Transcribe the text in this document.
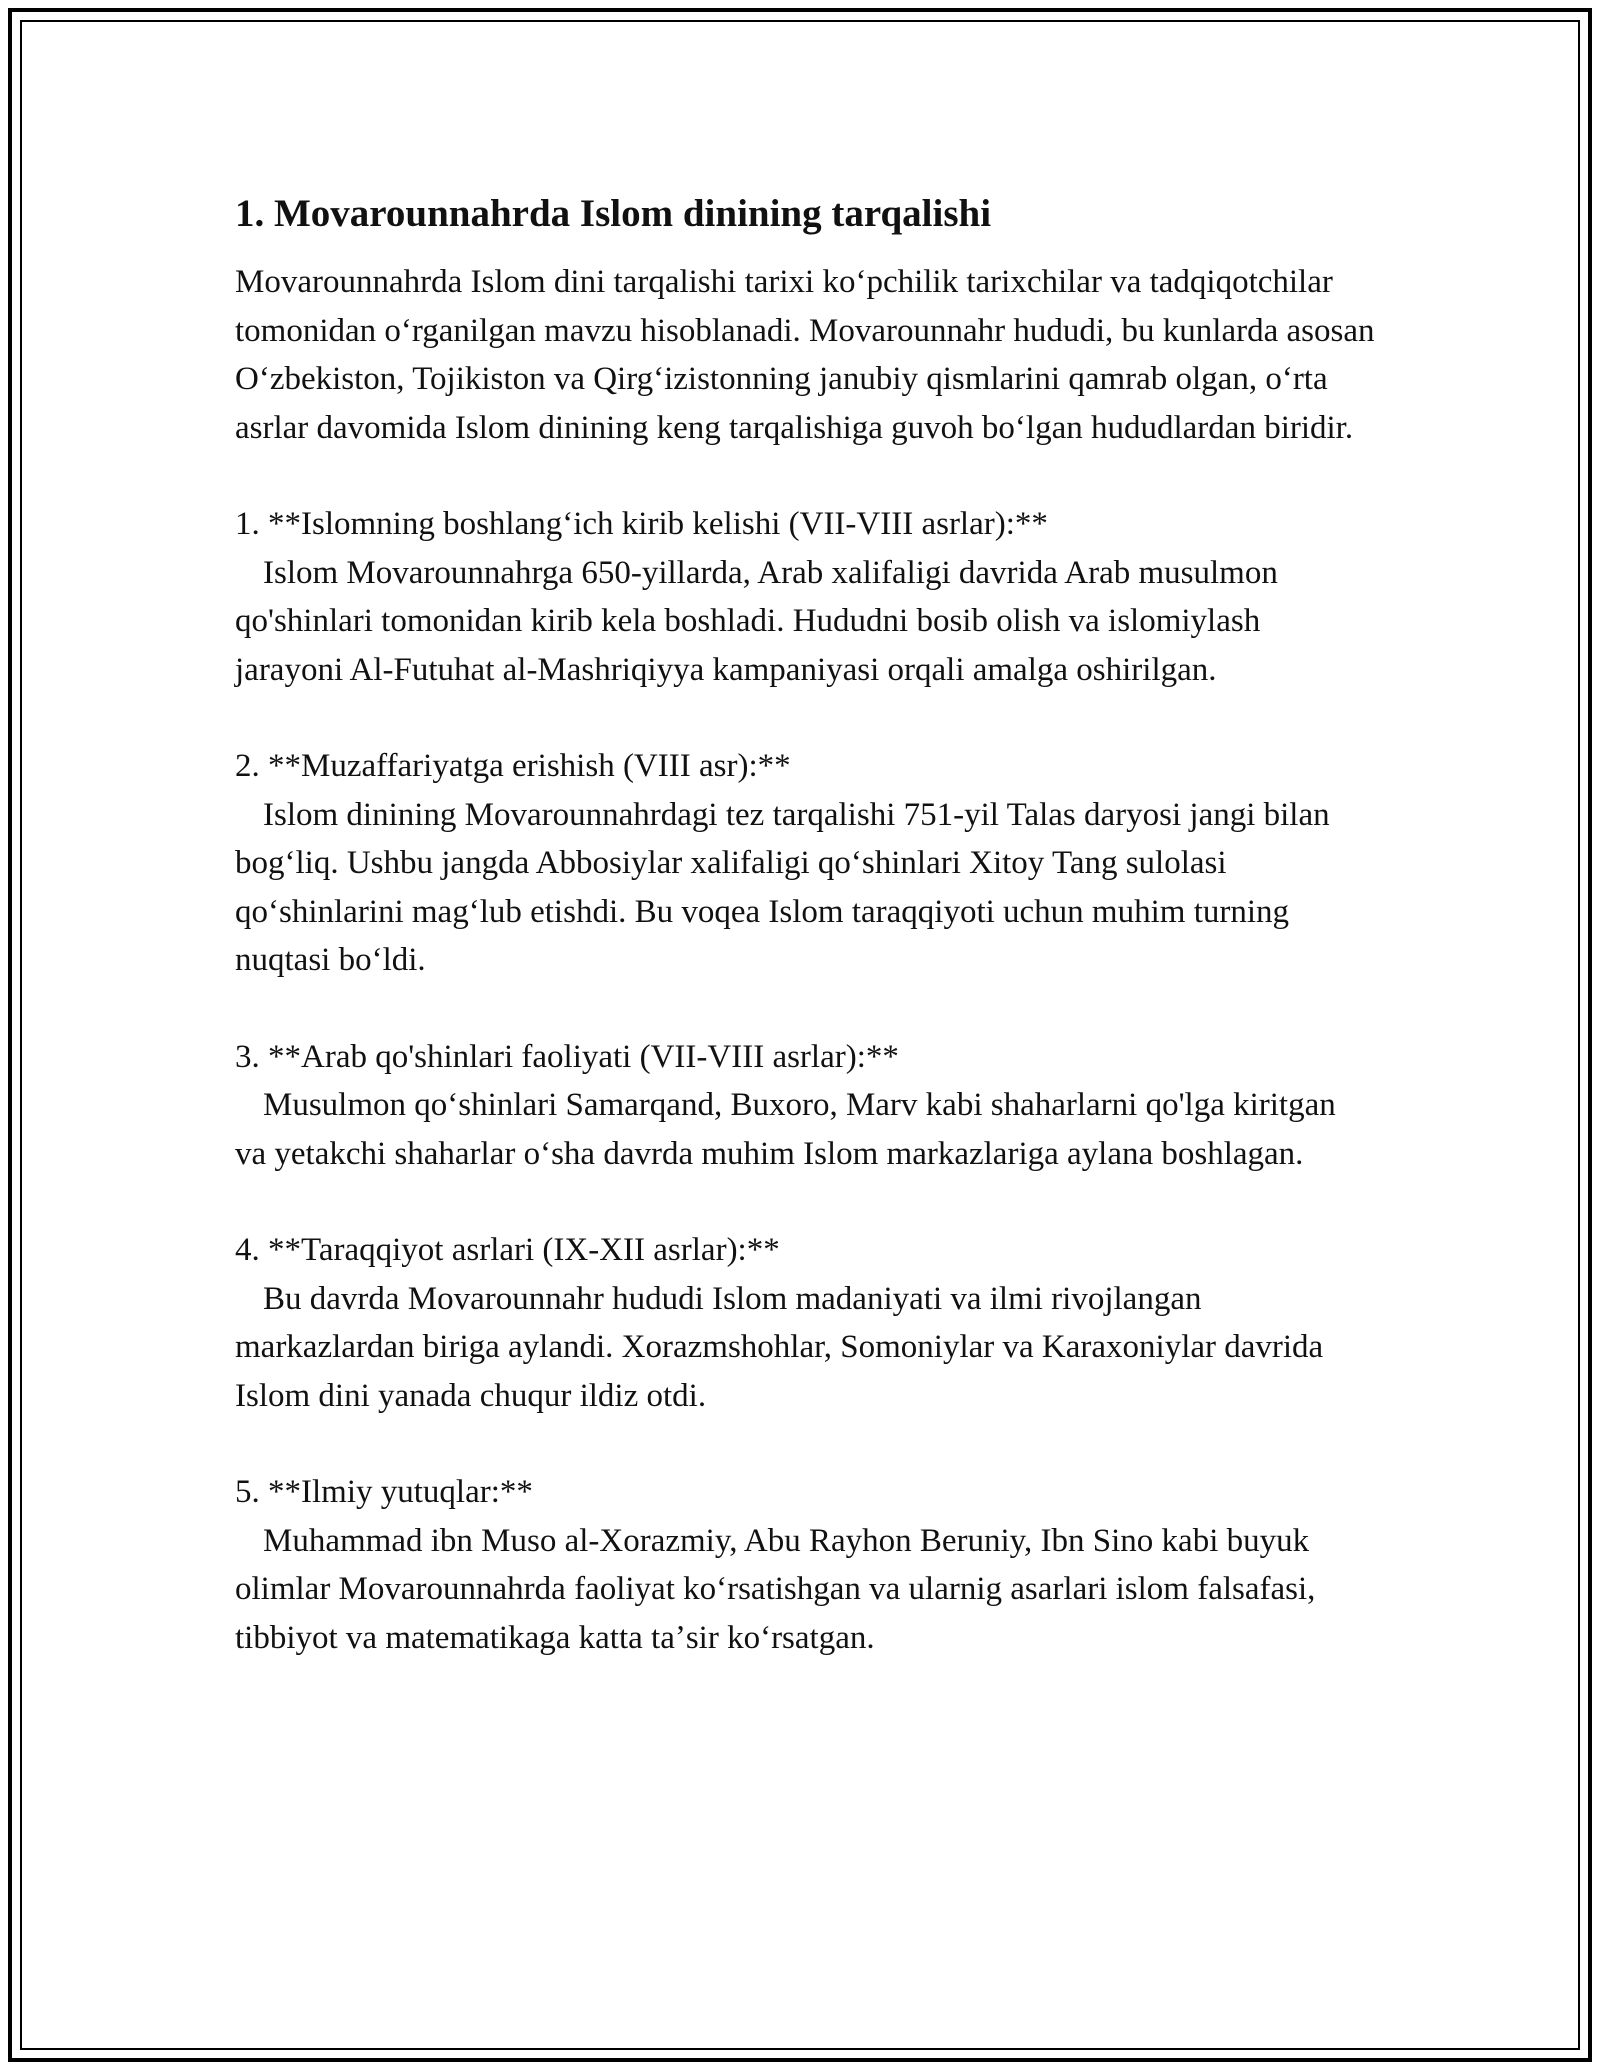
1. Movarounnahrda Islom dinining tarqalishi

Movarounnahrda Islom dini tarqalishi tarixi koʻpchilik tarixchilar va tadqiqotchilar tomonidan oʻrganilgan mavzu hisoblanadi. Movarounnahr hududi, bu kunlarda asosan Oʻzbekiston, Tojikiston va Qirgʻizistonning janubiy qismlarini qamrab olgan, oʻrta asrlar davomida Islom dinining keng tarqalishiga guvoh boʻlgan hududlardan biridir.

1. **Islomning boshlangʻich kirib kelishi (VII-VIII asrlar):**
Islom Movarounnahrga 650-yillarda, Arab xalifaligi davrida Arab musulmon qo'shinlari tomonidan kirib kela boshladi. Hududni bosib olish va islomiylash jarayoni Al-Futuhat al-Mashriqiyya kampaniyasi orqali amalga oshirilgan.
2. **Muzaffariyatga erishish (VIII asr):**
Islom dinining Movarounnahrdagi tez tarqalishi 751-yil Talas daryosi jangi bilan bogʻliq. Ushbu jangda Abbosiylar xalifaligi qoʻshinlari Xitoy Tang sulolasi qoʻshinlarini magʻlub etishdi. Bu voqea Islom taraqqiyoti uchun muhim turning nuqtasi boʻldi.
3. **Arab qo'shinlari faoliyati (VII-VIII asrlar):**
Musulmon qoʻshinlari Samarqand, Buxoro, Marv kabi shaharlarni qo'lga kiritgan va yetakchi shaharlar oʻsha davrda muhim Islom markazlariga aylana boshlagan.
4. **Taraqqiyot asrlari (IX-XII asrlar):**
Bu davrda Movarounnahr hududi Islom madaniyati va ilmi rivojlangan markazlardan biriga aylandi. Xorazmshohlar, Somoniylar va Karaxoniylar davrida Islom dini yanada chuqur ildiz otdi.
5. **Ilmiy yutuqlar:**
Muhammad ibn Muso al-Xorazmiy, Abu Rayhon Beruniy, Ibn Sino kabi buyuk olimlar Movarounnahrda faoliyat koʻrsatishgan va ularnig asarlari islom falsafasi, tibbiyot va matematikaga katta taʼsir koʻrsatgan.
